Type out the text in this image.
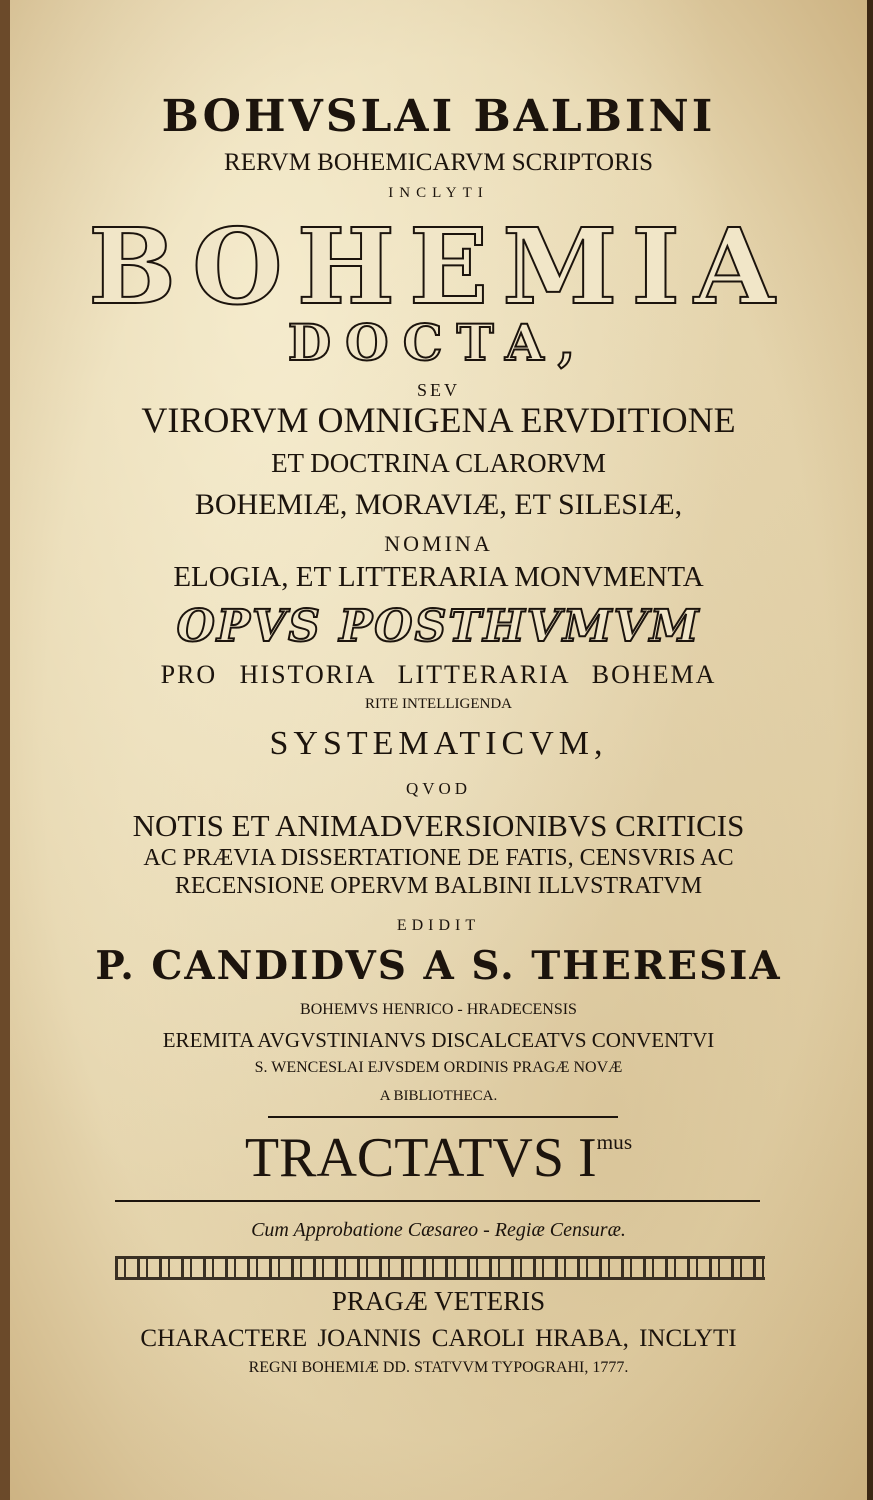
BOHVSLAI BALBINI

RERVM BOHEMICARVM SCRIPTORIS

INCLYTI

BOHEMIA

DOCTA,

SEV

VIRORVM OMNIGENA ERVDITIONE

ET DOCTRINA CLARORVM

BOHEMIÆ, MORAVIÆ, ET SILESIÆ,

NOMINA

ELOGIA, ET LITTERARIA MONVMENTA

OPVS POSTHVMVM

PRO HISTORIA LITTERARIA BOHEMA

RITE INTELLIGENDA

SYSTEMATICVM,

QVOD

NOTIS ET ANIMADVERSIONIBVS CRITICIS

AC PRÆVIA DISSERTATIONE DE FATIS, CENSVRIS AC

RECENSIONE OPERVM BALBINI ILLVSTRATVM

EDIDIT

P. CANDIDVS A S. THERESIA

BOHEMVS HENRICO - HRADECENSIS

EREMITA AVGVSTINIANVS DISCALCEATVS CONVENTVI

S. WENCESLAI EJVSDEM ORDINIS PRAGÆ NOVÆ

A BIBLIOTHECA.

TRACTATVS $I^{mus}$

Cum Approbatione Cæsareo - Regiæ Censuræ.

PRAGÆ VETERIS

CHARACTERE JOANNIS CAROLI HRABA, INCLYTI

REGNI BOHEMIÆ DD. STATVVM TYPOGRAHI, 1777.
